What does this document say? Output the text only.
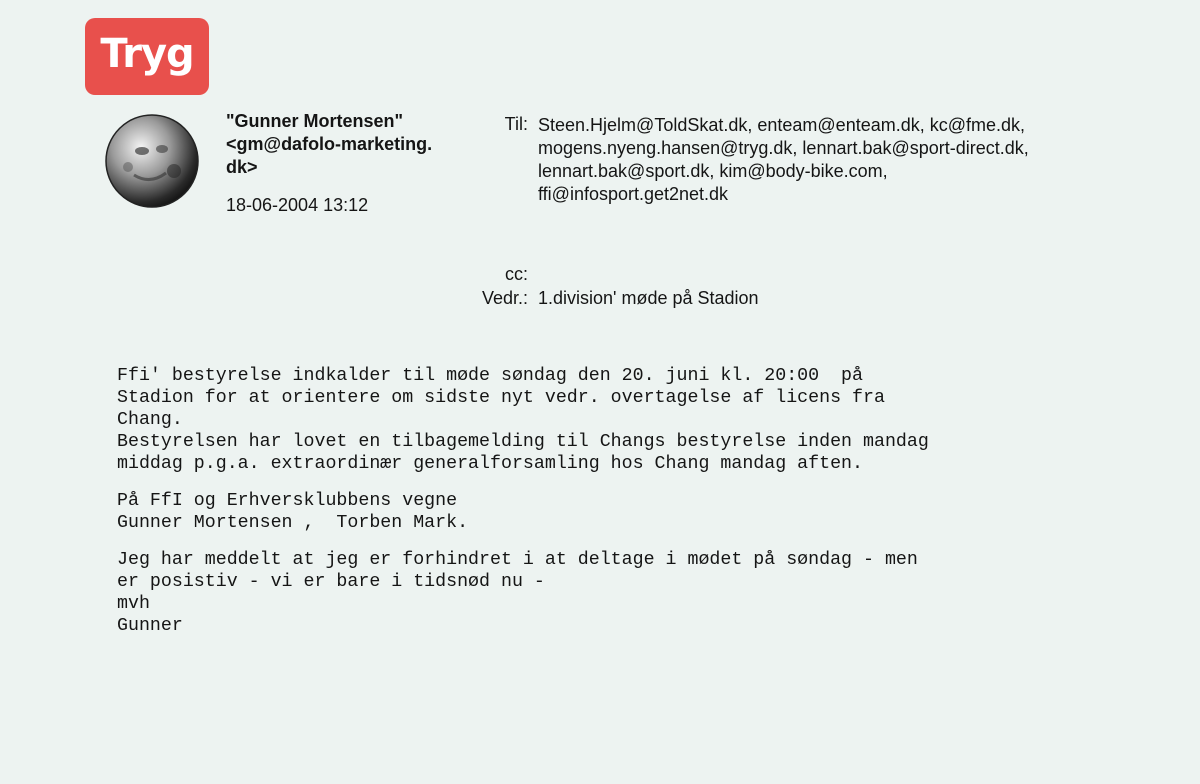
Tryg
"Gunner Mortensen"
<gm@dafolo-marketing.dk>
18-06-2004 13:12
Til: Steen.Hjelm@ToldSkat.dk, enteam@enteam.dk, kc@fme.dk,
mogens.nyeng.hansen@tryg.dk, lennart.bak@sport-direct.dk,
lennart.bak@sport.dk, kim@body-bike.com,
ffi@infosport.get2net.dk
cc:
Vedr.: 1.division' møde på Stadion

Ffi' bestyrelse indkalder til møde søndag den 20. juni kl. 20:00  på

Stadion for at orientere om sidste nyt vedr. overtagelse af licens fra

Chang.

Bestyrelsen har lovet en tilbagemelding til Changs bestyrelse inden mandag

middag p.g.a. extraordinær generalforsamling hos Chang mandag aften.

På FfI og Erhversklubbens vegne

Gunner Mortensen ,  Torben Mark.

Jeg har meddelt at jeg er forhindret i at deltage i mødet på søndag - men

er posistiv - vi er bare i tidsnød nu -

mvh

Gunner
